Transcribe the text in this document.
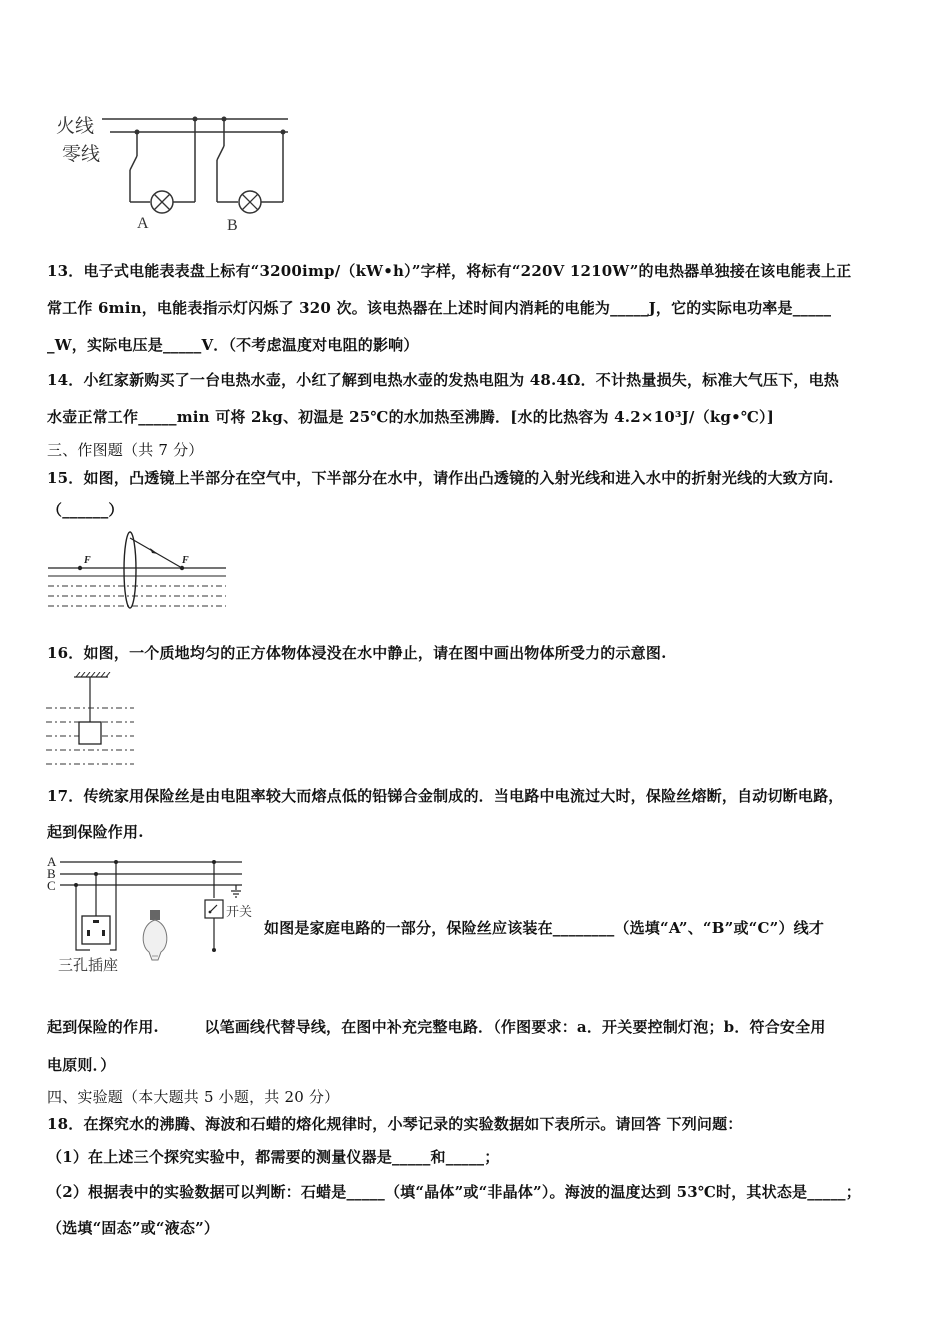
火线
零线
A	B
13．电子式电能表表盘上标有“3200imp/（kW•h）”字样，将标有“220V 1210W”的电热器单独接在该电能表上正
常工作 6min，电能表指示灯闪烁了 320 次。该电热器在上述时间内消耗的电能为_____J，它的实际电功率是_____
_W，实际电压是_____V．（不考虑温度对电阻的影响）
14．小红家新购买了一台电热水壶，小红了解到电热水壶的发热电阻为 48.4Ω．不计热量损失，标准大气压下，电热
水壶正常工作_____min 可将 2kg、初温是 25℃的水加热至沸腾．[水的比热容为 4.2×10³J/（kg•℃）]
三、作图题（共 7 分）
15．如图，凸透镜上半部分在空气中，下半部分在水中，请作出凸透镜的入射光线和进入水中的折射光线的大致方向.
（______）
F	F
16．如图，一个质地均匀的正方体物体浸没在水中静止，请在图中画出物体所受力的示意图.
17．传统家用保险丝是由电阻率较大而熔点低的铅锑合金制成的．当电路中电流过大时，保险丝熔断，自动切断电路，
起到保险作用.
A
B
C
三孔插座
开关
如图是家庭电路的一部分，保险丝应该装在________（选填“A”、“B”或“C”）线才
起到保险的作用.　　　以笔画线代替导线，在图中补充完整电路．（作图要求：a．开关要控制灯泡；b．符合安全用
电原则．）
四、实验题（本大题共 5 小题，共 20 分）
18．在探究水的沸腾、海波和石蜡的熔化规律时，小琴记录的实验数据如下表所示。请回答 下列问题：
（1）在上述三个探究实验中，都需要的测量仪器是_____和_____；
（2）根据表中的实验数据可以判断：石蜡是_____（填“晶体”或“非晶体”）。海波的温度达到 53℃时，其状态是_____；
（选填“固态”或“液态”）
